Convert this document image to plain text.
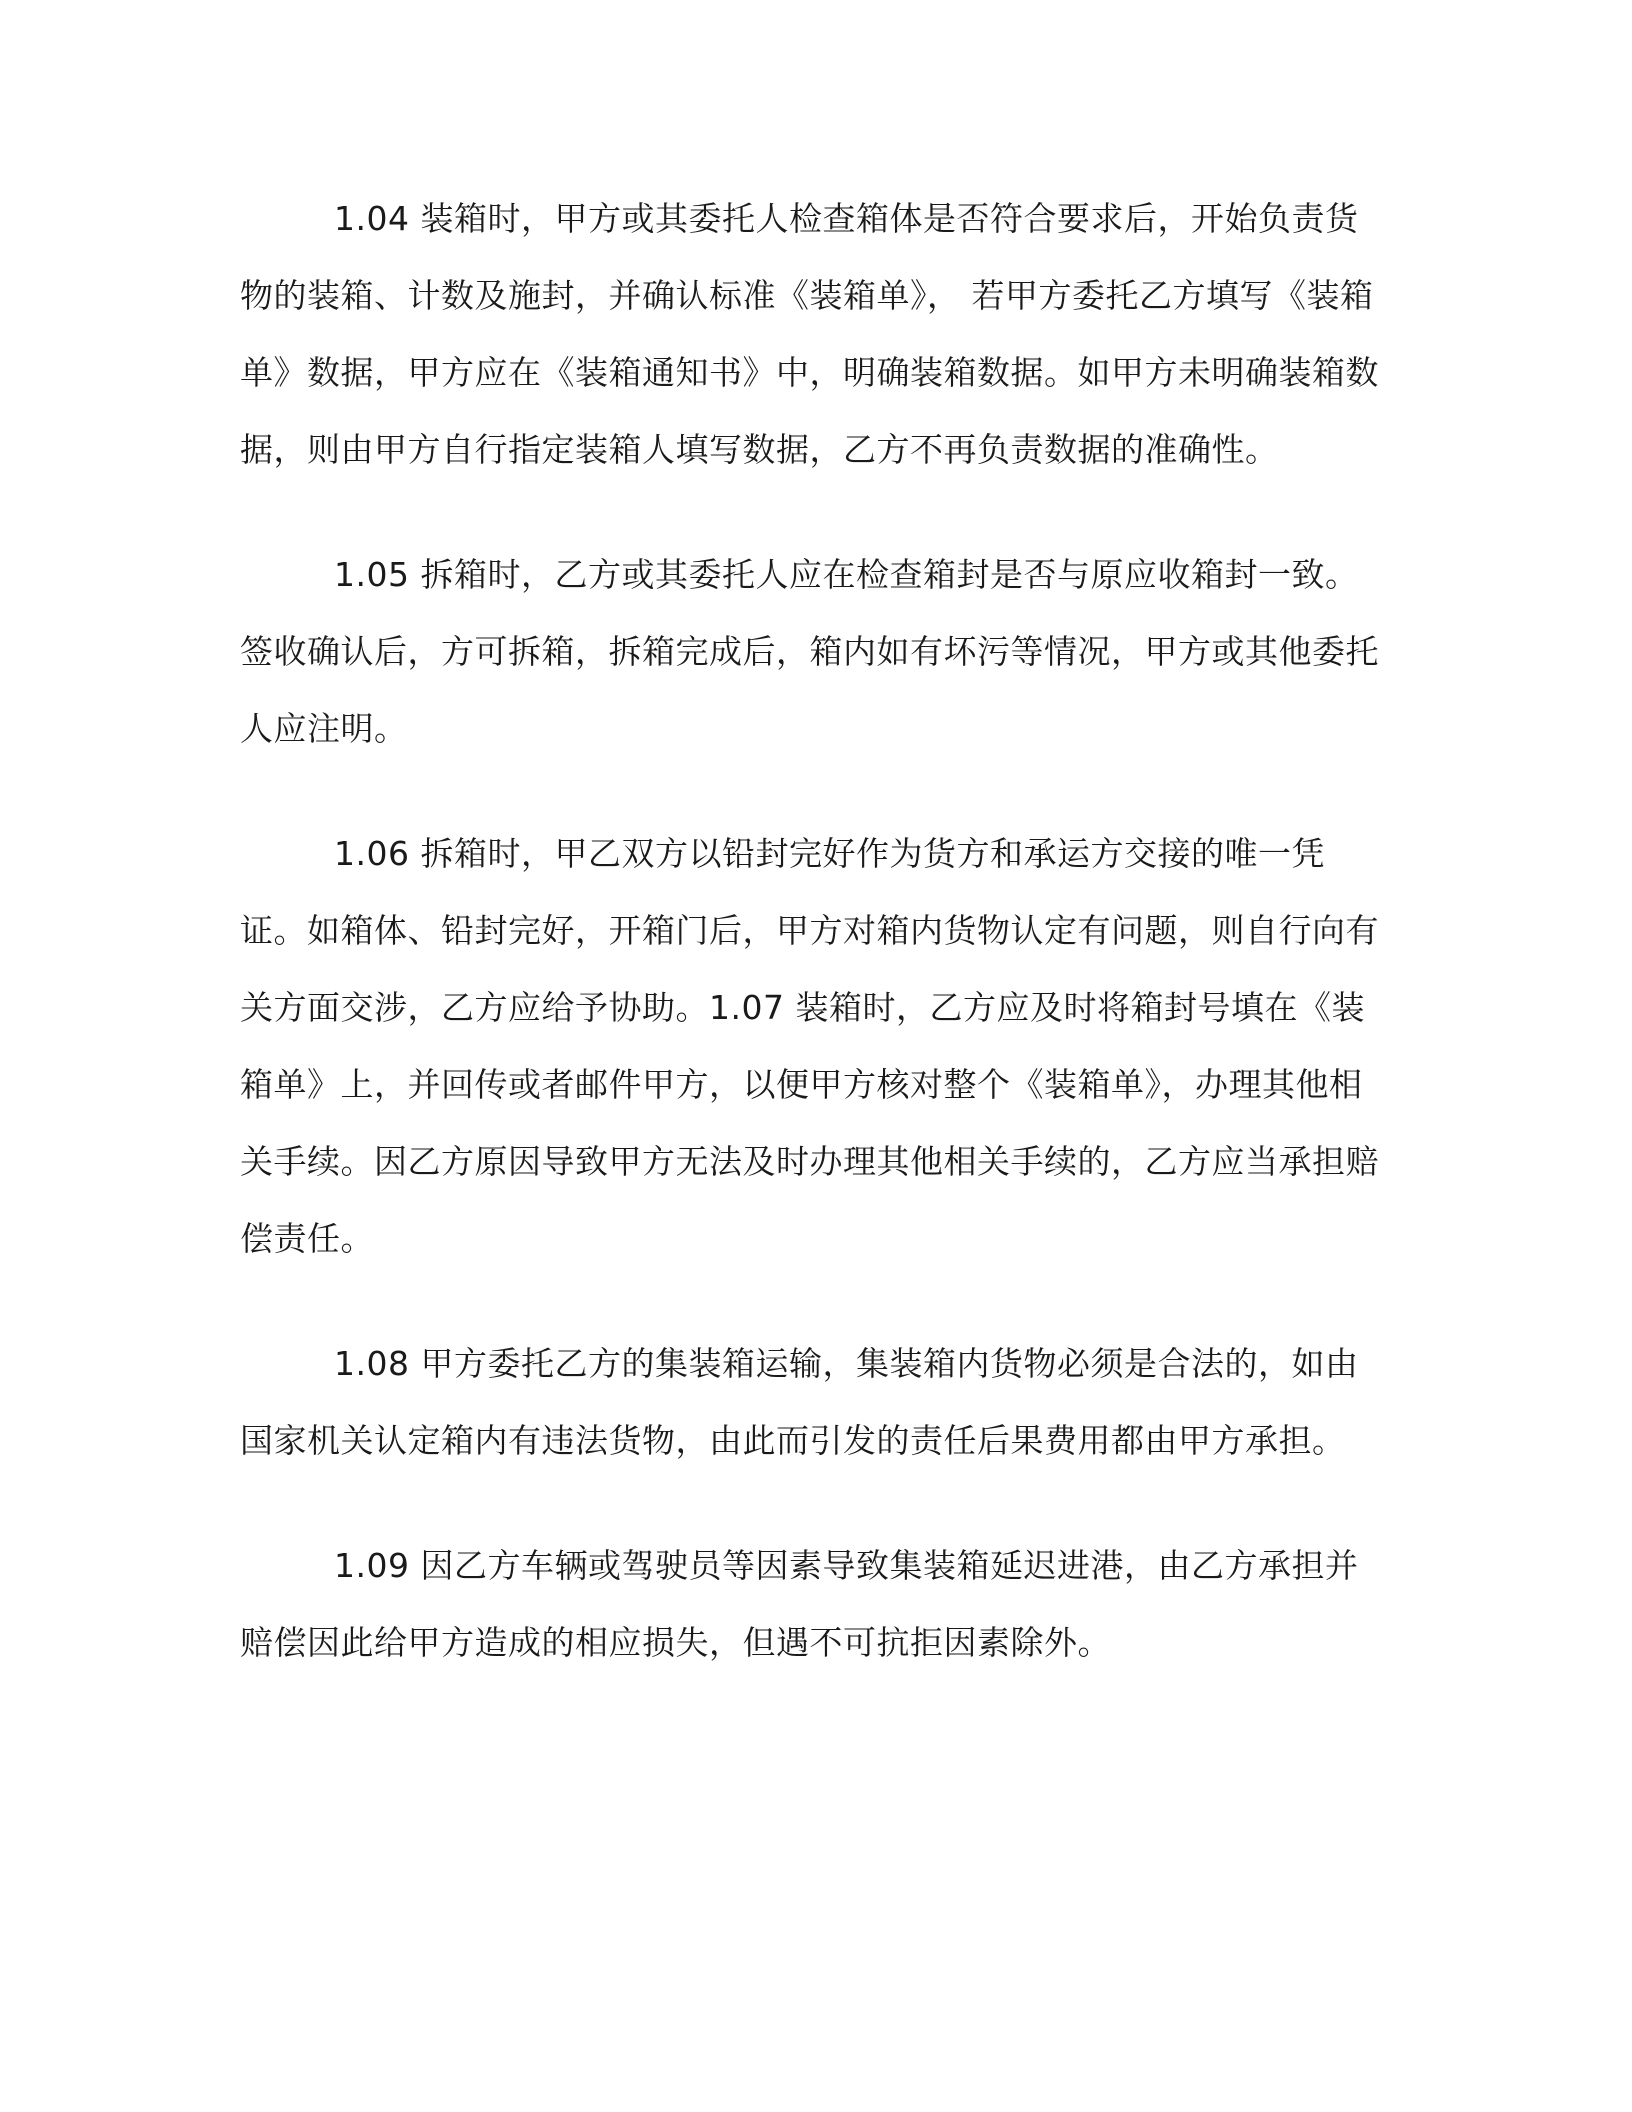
1.04 装箱时，甲方或其委托人检查箱体是否符合要求后，开始负责货物的装箱、计数及施封，并确认标准《装箱单》， 若甲方委托乙方填写《装箱单》数据，甲方应在《装箱通知书》中，明确装箱数据。如甲方未明确装箱数据，则由甲方自行指定装箱人填写数据，乙方不再负责数据的准确性。

1.05 拆箱时，乙方或其委托人应在检查箱封是否与原应收箱封一致。签收确认后，方可拆箱，拆箱完成后，箱内如有坏污等情况，甲方或其他委托人应注明。

1.06 拆箱时，甲乙双方以铅封完好作为货方和承运方交接的唯一凭证。如箱体、铅封完好，开箱门后，甲方对箱内货物认定有问题，则自行向有关方面交涉，乙方应给予协助。1.07 装箱时，乙方应及时将箱封号填在《装箱单》上，并回传或者邮件甲方，以便甲方核对整个《装箱单》，办理其他相关手续。因乙方原因导致甲方无法及时办理其他相关手续的，乙方应当承担赔偿责任。

1.08 甲方委托乙方的集装箱运输，集装箱内货物必须是合法的，如由国家机关认定箱内有违法货物，由此而引发的责任后果费用都由甲方承担。

1.09 因乙方车辆或驾驶员等因素导致集装箱延迟进港，由乙方承担并赔偿因此给甲方造成的相应损失，但遇不可抗拒因素除外。
